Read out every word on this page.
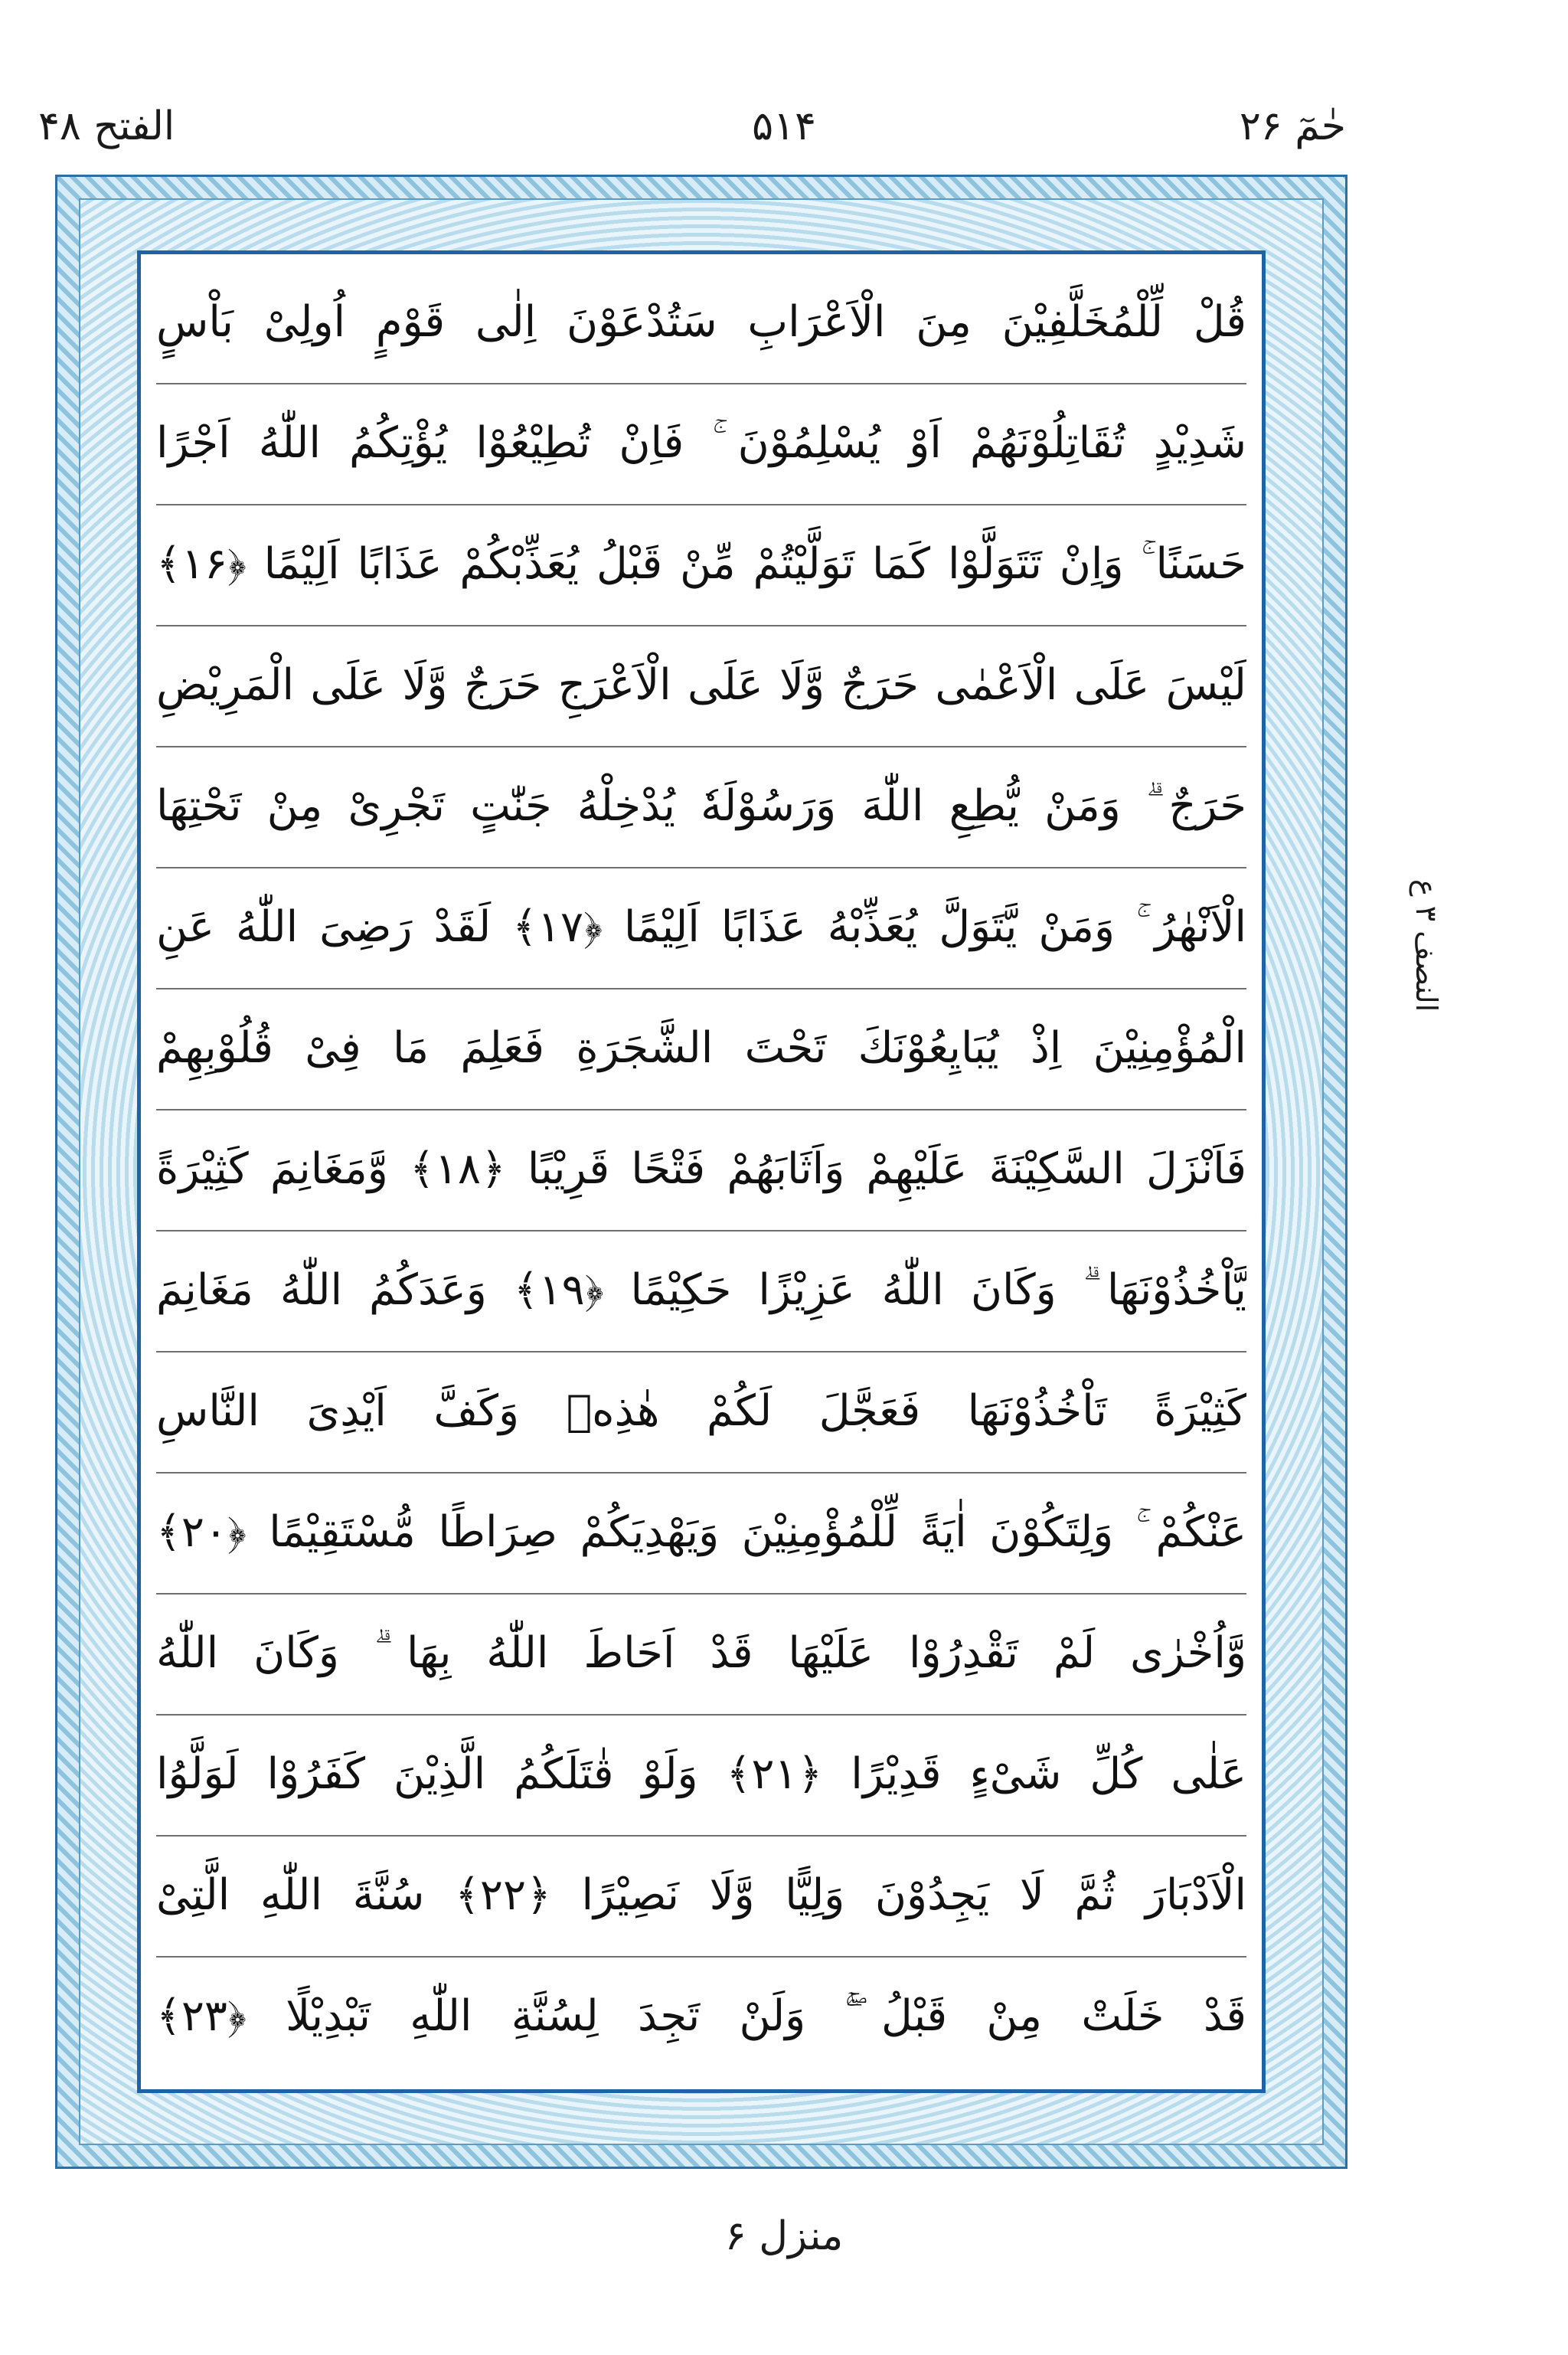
الفتح ۴۸	۵۱۴	حٰمٓ ۲۶
قُلْ لِّلْمُخَلَّفِيْنَ مِنَ الْاَعْرَابِ سَتُدْعَوْنَ اِلٰى قَوْمٍ اُولِىْ بَاْسٍ
شَدِيْدٍ تُقَاتِلُوْنَهُمْ اَوْ يُسْلِمُوْنَ ۚ فَاِنْ تُطِيْعُوْا يُؤْتِكُمُ اللّٰهُ اَجْرًا
حَسَنًا ۚ وَاِنْ تَتَوَلَّوْا كَمَا تَوَلَّيْتُمْ مِّنْ قَبْلُ يُعَذِّبْكُمْ عَذَابًا اَلِيْمًا ﴿۱۶﴾
لَيْسَ عَلَى الْاَعْمٰى حَرَجٌ وَّلَا عَلَى الْاَعْرَجِ حَرَجٌ وَّلَا عَلَى الْمَرِيْضِ
حَرَجٌ ۗ وَمَنْ يُّطِعِ اللّٰهَ وَرَسُوْلَهٗ يُدْخِلْهُ جَنّٰتٍ تَجْرِىْ مِنْ تَحْتِهَا
الْاَنْهٰرُ ۚ وَمَنْ يَّتَوَلَّ يُعَذِّبْهُ عَذَابًا اَلِيْمًا ﴿۱۷﴾ لَقَدْ رَضِىَ اللّٰهُ عَنِ
الْمُؤْمِنِيْنَ اِذْ يُبَايِعُوْنَكَ تَحْتَ الشَّجَرَةِ فَعَلِمَ مَا فِىْ قُلُوْبِهِمْ
فَاَنْزَلَ السَّكِيْنَةَ عَلَيْهِمْ وَاَثَابَهُمْ فَتْحًا قَرِيْبًا ﴿۱۸﴾ وَّمَغَانِمَ كَثِيْرَةً
يَّاْخُذُوْنَهَا ۗ وَكَانَ اللّٰهُ عَزِيْزًا حَكِيْمًا ﴿۱۹﴾ وَعَدَكُمُ اللّٰهُ مَغَانِمَ
كَثِيْرَةً تَاْخُذُوْنَهَا فَعَجَّلَ لَكُمْ هٰذِهٖ وَكَفَّ اَيْدِىَ النَّاسِ
عَنْكُمْ ۚ وَلِتَكُوْنَ اٰيَةً لِّلْمُؤْمِنِيْنَ وَيَهْدِيَكُمْ صِرَاطًا مُّسْتَقِيْمًا ﴿۲۰﴾
وَّاُخْرٰى لَمْ تَقْدِرُوْا عَلَيْهَا قَدْ اَحَاطَ اللّٰهُ بِهَا ۗ وَكَانَ اللّٰهُ
عَلٰى كُلِّ شَىْءٍ قَدِيْرًا ﴿۲۱﴾ وَلَوْ قٰتَلَكُمُ الَّذِيْنَ كَفَرُوْا لَوَلَّوُا
الْاَدْبَارَ ثُمَّ لَا يَجِدُوْنَ وَلِيًّا وَّلَا نَصِيْرًا ﴿۲۲﴾ سُنَّةَ اللّٰهِ الَّتِىْ
قَدْ خَلَتْ مِنْ قَبْلُ ۖۚ وَلَنْ تَجِدَ لِسُنَّةِ اللّٰهِ تَبْدِيْلًا ﴿۲۳﴾
النصف ۳ ع
منزل ۶
